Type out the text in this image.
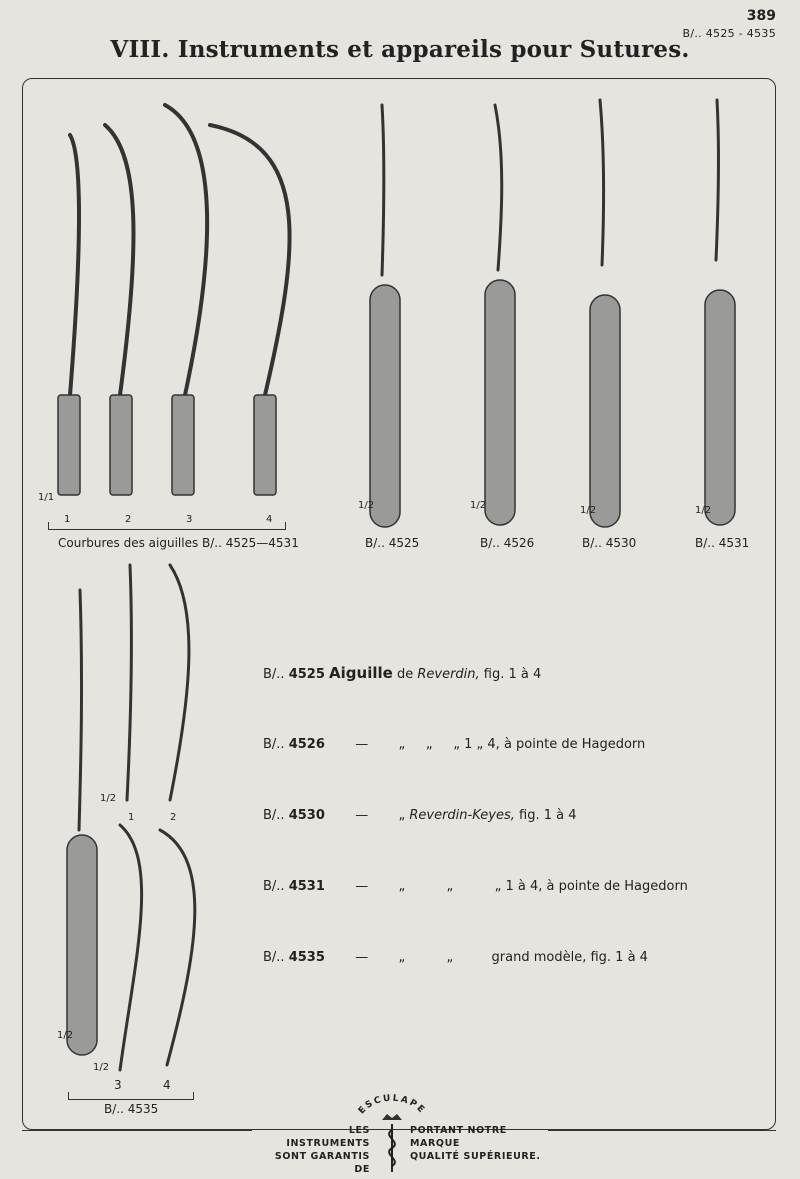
389
B/.. 4525 - 4535
VIII. Instruments et appareils pour Sutures.
1/1
1	2	3	4
Courbures des aiguilles B/.. 4525—4531
1/2	1/2	1/2	1/2
B/.. 4525	B/.. 4526	B/.. 4530	B/.. 4531
1/2
1/2
1/2
1	2
3	4
B/.. 4535
B/.. 4525 Aiguille de Reverdin, fig. 1 à 4
B/.. 4526 — „     „     „ 1 „ 4, à pointe de Hagedorn
B/.. 4530 — „ Reverdin-Keyes, fig. 1 à 4
B/.. 4531 — „          „          „ 1 à 4, à pointe de Hagedorn
B/.. 4535 — „          „	grand modèle, fig. 1 à 4
ESCULAPE
LES INSTRUMENTS
SONT GARANTIS DE
PORTANT NOTRE MARQUE
QUALITÉ SUPÉRIEURE.
